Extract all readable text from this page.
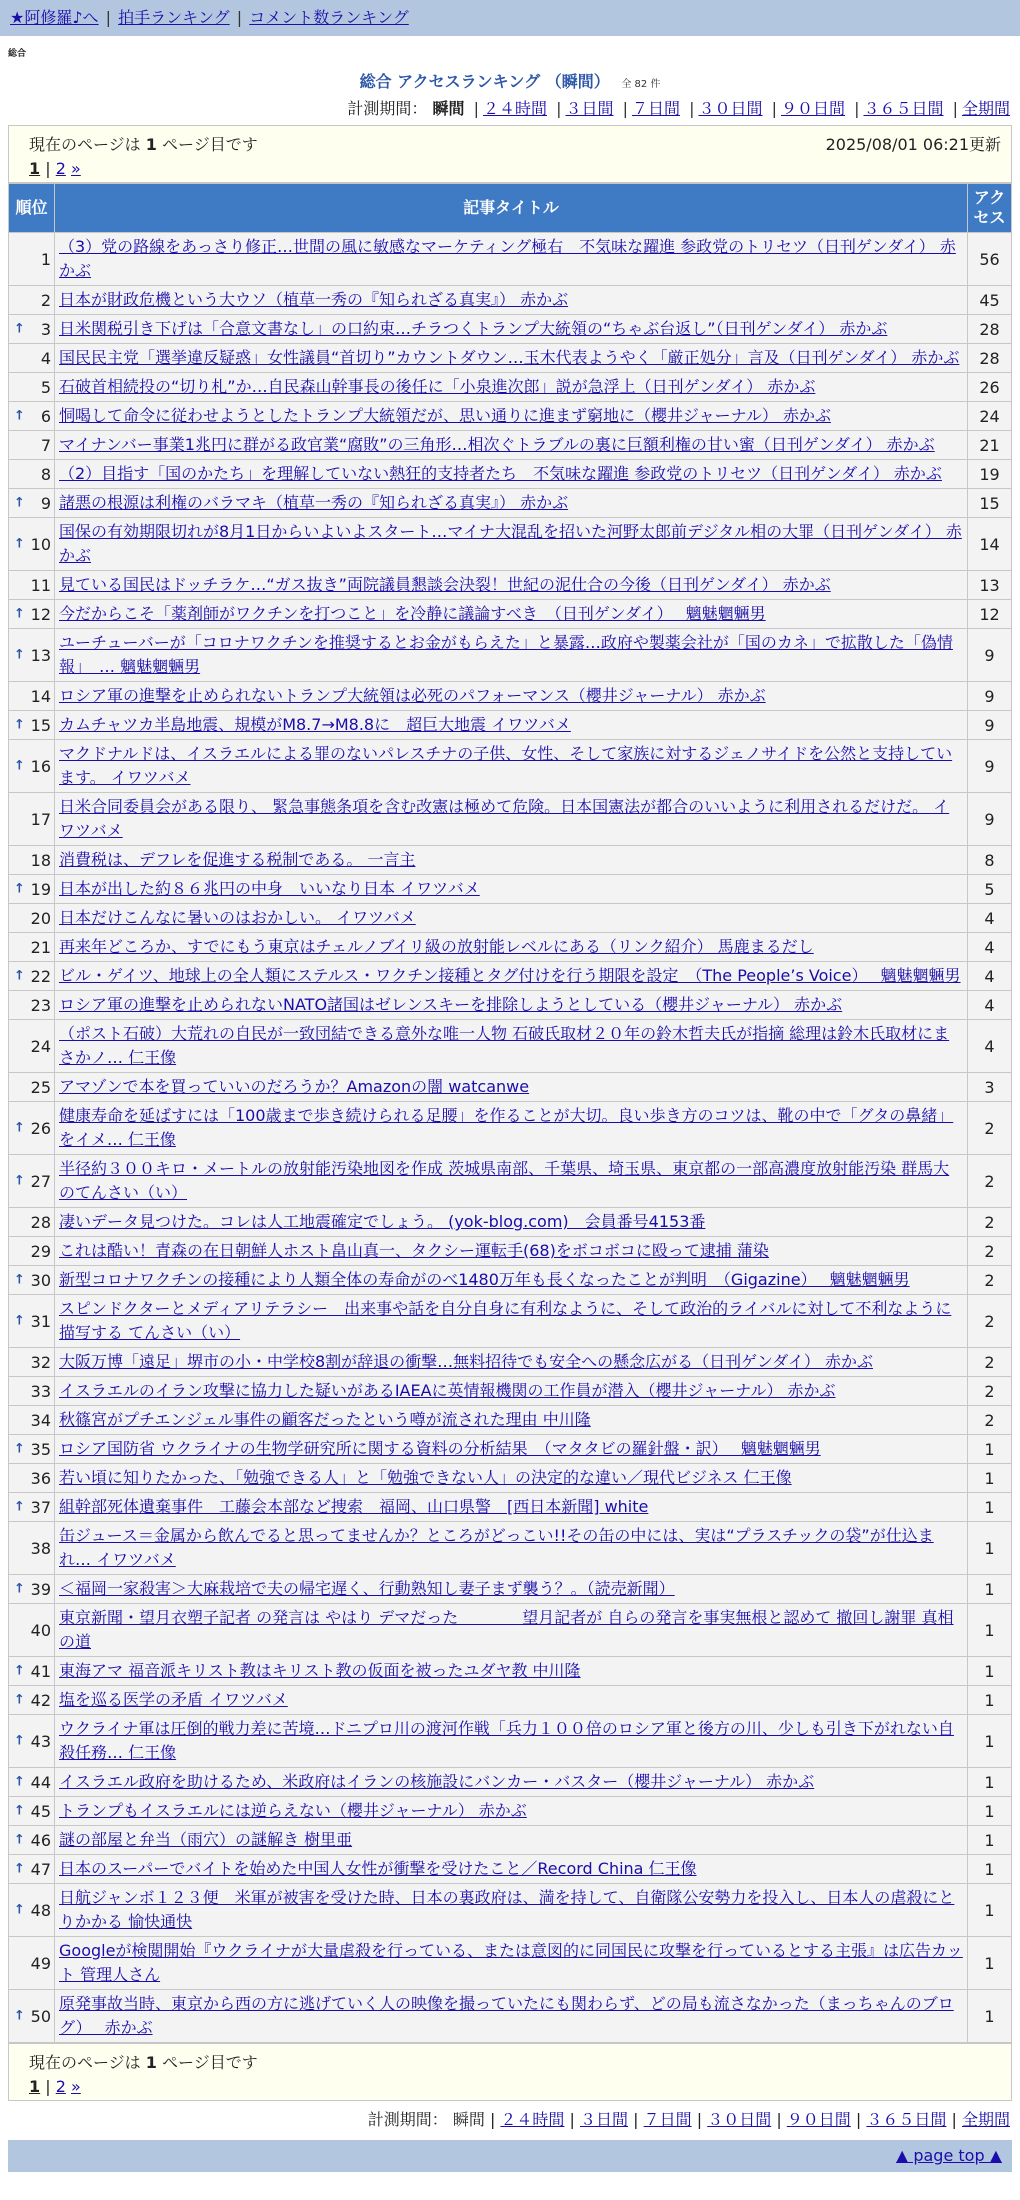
★阿修羅♪へ | 拍手ランキング | コメント数ランキング
総合
総合 アクセスランキング （瞬間） 全 82 件
計測期間： 瞬間 | ２４時間 | ３日間 | ７日間 | ３０日間 | ９０日間 | ３６５日間 | 全期間
現在のページは 1 ページ目です	2025/08/01 06:21更新
1 | 2 »
順位	記事タイトル	アクセス
1	（3）党の路線をあっさり修正…世間の風に敏感なマーケティング極右　不気味な躍進 参政党のトリセツ（日刊ゲンダイ） 赤かぶ	56
2	日本が財政危機という大ウソ（植草一秀の『知られざる真実』） 赤かぶ	45

↑ 3	日米関税引き下げは「合意文書なし」の口約束…チラつくトランプ大統領の“ちゃぶ台返し”（日刊ゲンダイ） 赤かぶ	28
4	国民民主党「選挙違反疑惑」女性議員“首切り”カウントダウン…玉木代表ようやく「厳正処分」言及（日刊ゲンダイ） 赤かぶ	28
5	石破首相続投の“切り札”か…自民森山幹事長の後任に「小泉進次郎」説が急浮上（日刊ゲンダイ） 赤かぶ	26

↑ 6	恫喝して命令に従わせようとしたトランプ大統領だが、思い通りに進まず窮地に（櫻井ジャーナル） 赤かぶ	24
7	マイナンバー事業1兆円に群がる政官業“腐敗”の三角形…相次ぐトラブルの裏に巨額利権の甘い蜜（日刊ゲンダイ） 赤かぶ	21
8	（2）目指す「国のかたち」を理解していない熱狂的支持者たち　不気味な躍進 参政党のトリセツ（日刊ゲンダイ） 赤かぶ	19

↑ 9	諸悪の根源は利権のバラマキ（植草一秀の『知られざる真実』） 赤かぶ	15

↑ 10	国保の有効期限切れが8月1日からいよいよスタート…マイナ大混乱を招いた河野太郎前デジタル相の大罪（日刊ゲンダイ） 赤かぶ	14
11	見ている国民はドッチラケ…“ガス抜き”両院議員懇談会決裂！世紀の泥仕合の今後（日刊ゲンダイ） 赤かぶ	13

↑ 12	今だからこそ「薬剤師がワクチンを打つこと」を冷静に議論すべき　（日刊ゲンダイ）　 魑魅魍魎男	12

↑ 13	ユーチューバーが「コロナワクチンを推奨するとお金がもらえた」と暴露…政府や製薬会社が「国のカネ」で拡散した「偽情報」　… 魑魅魍魎男	9
14	ロシア軍の進撃を止められないトランプ大統領は必死のパフォーマンス（櫻井ジャーナル） 赤かぶ	9

↑ 15	カムチャツカ半島地震、規模がM8.7→M8.8に　超巨大地震 イワツバメ	9

↑ 16	マクドナルドは、イスラエルによる罪のないパレスチナの子供、女性、そして家族に対するジェノサイドを公然と支持しています。 イワツバメ	9
17	日米合同委員会がある限り、 緊急事態条項を含む改憲は極めて危険。日本国憲法が都合のいいように利用されるだけだ。 イワツバメ	9
18	消費税は、デフレを促進する税制である。 一言主	8

↑ 19	日本が出した約８６兆円の中身　いいなり日本 イワツバメ	5
20	日本だけこんなに暑いのはおかしい。 イワツバメ	4
21	再来年どころか、すでにもう東京はチェルノブイリ級の放射能レベルにある（リンク紹介） 馬鹿まるだし	4

↑ 22	ビル・ゲイツ、地球上の全人類にステルス・ワクチン接種とタグ付けを行う期限を設定　（The People’s Voice）　 魑魅魍魎男	4
23	ロシア軍の進撃を止められないNATO諸国はゼレンスキーを排除しようとしている（櫻井ジャーナル） 赤かぶ	4
24	（ポスト石破）大荒れの自民が一致団結できる意外な唯一人物 石破氏取材２０年の鈴木哲夫氏が指摘 総理は鈴木氏取材にまさかノ… 仁王像	4
25	アマゾンで本を買っていいのだろうか？Amazonの闇 watcanwe	3

↑ 26	健康寿命を延ばすには「100歳まで歩き続けられる足腰」を作ることが大切。良い歩き方のコツは、靴の中で「グタの鼻緒」をイメ… 仁王像	2

↑ 27	半径約３００キロ・メートルの放射能汚染地図を作成 茨城県南部、千葉県、埼玉県、東京都の一部高濃度放射能汚染 群馬大のてんさい（い）	2
28	凄いデータ見つけた。コレは人工地震確定でしょう。 (yok-blog.com)　会員番号4153番	2
29	これは酷い！青森の在日朝鮮人ホスト畠山真一、タクシー運転手(68)をボコボコに殴って逮捕 蒲染	2

↑ 30	新型コロナワクチンの接種により人類全体の寿命がのべ1480万年も長くなったことが判明　（Gigazine）　 魑魅魍魎男	2

↑ 31	スピンドクターとメディアリテラシー　出来事や話を自分自身に有利なように、そして政治的ライバルに対して不利なように描写する てんさい（い）	2
32	大阪万博「遠足」堺市の小・中学校8割が辞退の衝撃…無料招待でも安全への懸念広がる（日刊ゲンダイ） 赤かぶ	2
33	イスラエルのイラン攻撃に協力した疑いがあるIAEAに英情報機関の工作員が潜入（櫻井ジャーナル） 赤かぶ	2
34	秋篠宮がプチエンジェル事件の顧客だったという噂が流された理由 中川隆	2

↑ 35	ロシア国防省 ウクライナの生物学研究所に関する資料の分析結果　（マタタビの羅針盤・訳）　 魑魅魍魎男	1
36	若い頃に知りたかった、「勉強できる人」と「勉強できない人」の決定的な違い／現代ビジネス 仁王像	1

↑ 37	組幹部死体遺棄事件　工藤会本部など捜索　福岡、山口県警　[西日本新聞] white	1
38	缶ジュース＝金属から飲んでると思ってませんか？ところがどっこい!!その缶の中には、実は“プラスチックの袋”が仕込まれ… イワツバメ	1

↑ 39	＜福岡一家殺害＞大麻栽培で夫の帰宅遅く、行動熟知し妻子まず襲う？。（読売新聞）	1
40	東京新聞・望月衣塑子記者 の発言は やはり デマだった　　　　望月記者が 自らの発言を事実無根と認めて 撤回し謝罪 真相の道	1

↑ 41	東海アマ 福音派キリスト教はキリスト教の仮面を被ったユダヤ教 中川隆	1

↑ 42	塩を巡る医学の矛盾 イワツバメ	1

↑ 43	ウクライナ軍は圧倒的戦力差に苦境…ドニプロ川の渡河作戦「兵力１００倍のロシア軍と後方の川、少しも引き下がれない自殺任務… 仁王像	1

↑ 44	イスラエル政府を助けるため、米政府はイランの核施設にバンカー・バスター（櫻井ジャーナル） 赤かぶ	1

↑ 45	トランプもイスラエルには逆らえない（櫻井ジャーナル） 赤かぶ	1

↑ 46	謎の部屋と弁当（雨穴）の謎解き 樹里亜	1

↑ 47	日本のスーパーでバイトを始めた中国人女性が衝撃を受けたこと／Record China 仁王像	1

↑ 48	日航ジャンボ１２３便　米軍が被害を受けた時、日本の裏政府は、満を持して、自衛隊公安勢力を投入し、日本人の虐殺にとりかかる 愉快通快	1
49	Googleが検閲開始『ウクライナが大量虐殺を行っている、または意図的に同国民に攻撃を行っているとする主張』は広告カット 管理人さん	1

↑ 50	原発事故当時、東京から西の方に逃げていく人の映像を撮っていたにも関わらず、どの局も流さなかった（まっちゃんのブログ）　 赤かぶ	1
現在のページは 1 ページ目です
1 | 2 »
計測期間： 瞬間 | ２４時間 | ３日間 | ７日間 | ３０日間 | ９０日間 | ３６５日間 | 全期間
▲ page top ▲
